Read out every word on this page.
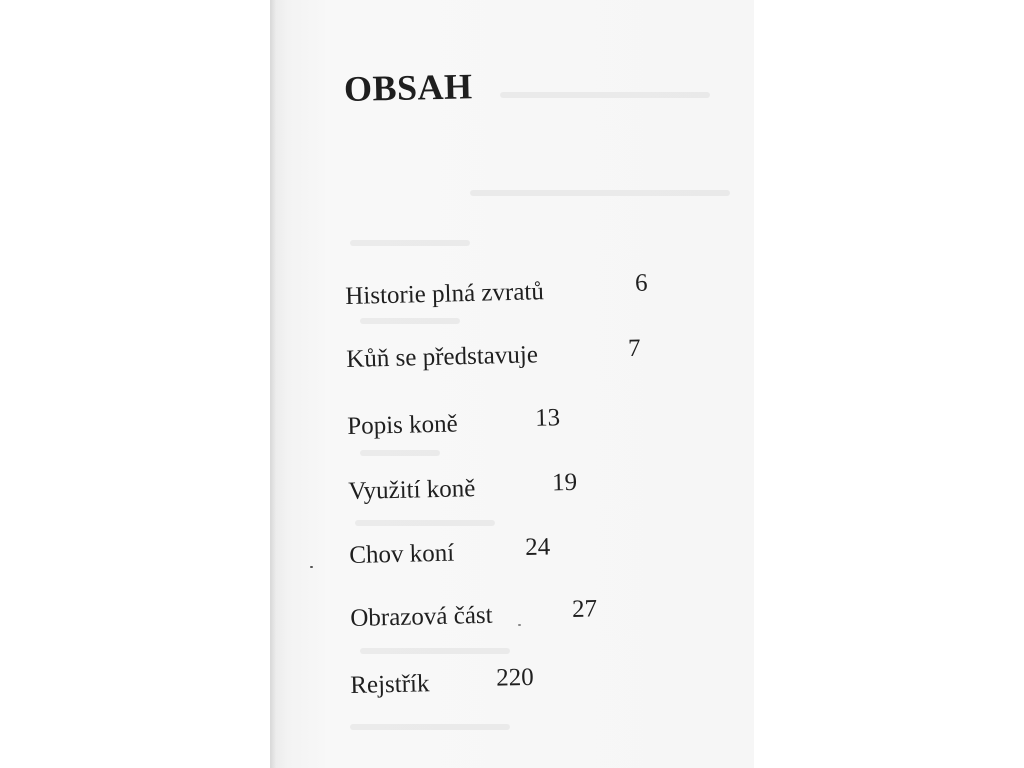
OBSAH
Historie plná zvratů	6
Kůň se představuje	7
Popis koně	13
Využití koně	19
Chov koní	24
Obrazová část	27
Rejstřík	220
